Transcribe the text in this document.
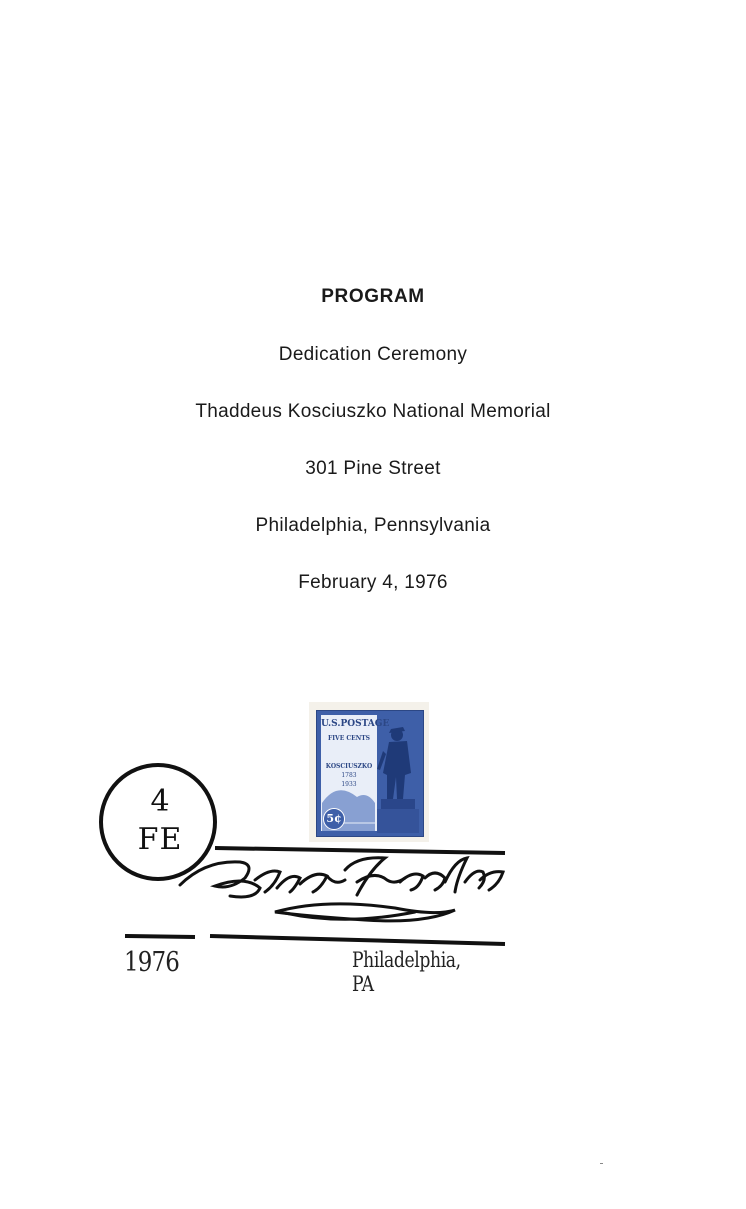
PROGRAM
Dedication Ceremony
Thaddeus Kosciuszko National Memorial
301 Pine Street
Philadelphia, Pennsylvania
February 4, 1976
U.S.POSTAGE
FIVE CENTS
KOSCIUSZKO
1783
1933
5¢
4
FE
1976	Philadelphia, PA
